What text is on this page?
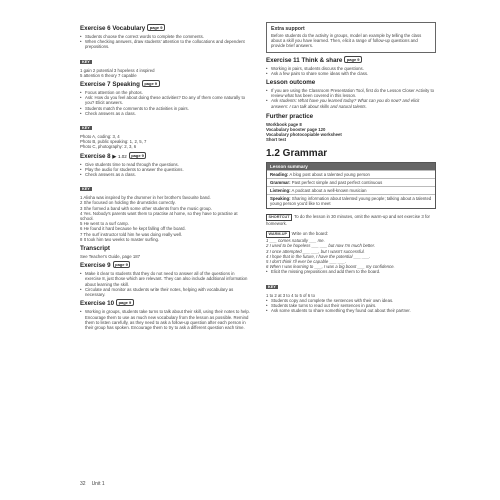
Exercise 6 Vocabulary page 9
• Students choose the correct words to complete the comments.
• When checking answers, draw students' attention to the collocations and dependent prepositions.
KEY
1 gain 2 potential 3 hopeless 4 inspired
5 attention 6 theory 7 capable
Exercise 7 Speaking page 9
• Focus attention on the photos.
• Ask: How do you feel about doing these activities? Do any of them come naturally to you? Elicit answers.
• Students match the comments to the activities in pairs.
• Check answers as a class.
KEY
Photo A, coding: 3, 4
Photo B, public speaking: 1, 2, 5, 7
Photo C, photography: 2, 3, 6
Exercise 8 ▶ 1.02 page 9
• Give students time to read through the questions.
• Play the audio for students to answer the questions.
• Check answers as a class.
KEY
1 Alisha was inspired by the drummer in her brother's favourite band.
2 She focused on holding the drumsticks correctly.
3 She formed a band with some other students from the music group.
4 Yes. Nobody's parents want them to practise at home, so they have to practise at school.
5 He went to a surf camp.
6 He found it hard because he kept falling off the board.
7 The surf instructor told him he was doing really well.
8 It took him two weeks to master surfing.
Transcript
See Teacher's Guide, page 187
Exercise 9 page 9
• Make it clear to students that they do not need to answer all of the questions in exercise 8, just those which are relevant. They can also include additional information about learning the skill.
• Circulate and monitor as students write their notes, helping with vocabulary as necessary.
Exercise 10 page 9
• Working in groups, students take turns to talk about their skill, using their notes to help. Encourage them to use as much new vocabulary from the lesson as possible. Remind them to listen carefully, as they need to ask a follow-up question after each person in their group has spoken. Encourage them to try to ask a different question each time.
Extra support

Before students do the activity in groups, model an example by telling the class about a skill you have learned. Then, elicit a range of follow-up questions and provide brief answers.

Exercise 11 Think & share page 9
• Working in pairs, students discuss the questions.
• Ask a few pairs to share some ideas with the class.
Lesson outcome
• If you are using the Classroom Presentation Tool, first do the Lesson Closer Activity to review what has been covered in this lesson.
• Ask students: What have you learned today? What can you do now? and elicit answers: I can talk about skills and natural talents.
Further practice
Workbook page 8
Vocabulary booster page 120
Vocabulary photocopiable worksheet
Short test
1.2 Grammar
Lesson summary
Reading: A blog post about a talented young person
Grammar: Past perfect simple and past perfect continuous
Listening: A podcast about a well-known musician
Speaking: Sharing information about talented young people; talking about a talented young person you'd like to meet
SHORTCUT To do the lesson in 30 minutes, omit the warm-up and set exercise 3 for homework.
WARM-UP Write on the board:
1 ___ comes naturally ___ me.
2 I used to be hopeless ___ ___ but now I'm much better.
3 I once attempted ___ ___, but I wasn't successful.
4 I hope that in the future, I have the potential ___ ___.
5 I don't think I'll ever be capable ___ ___.
6 When I was learning to ___, I was a big boost ___ my confidence.
• Elicit the missing prepositions and add them to the board.
KEY
1 to 2 at 3 to 4 to 5 of 6 to
• Students copy and complete the sentences with their own ideas.
• Students take turns to read out their sentences in pairs.
• Ask some students to share something they found out about their partner.
32 Unit 1
